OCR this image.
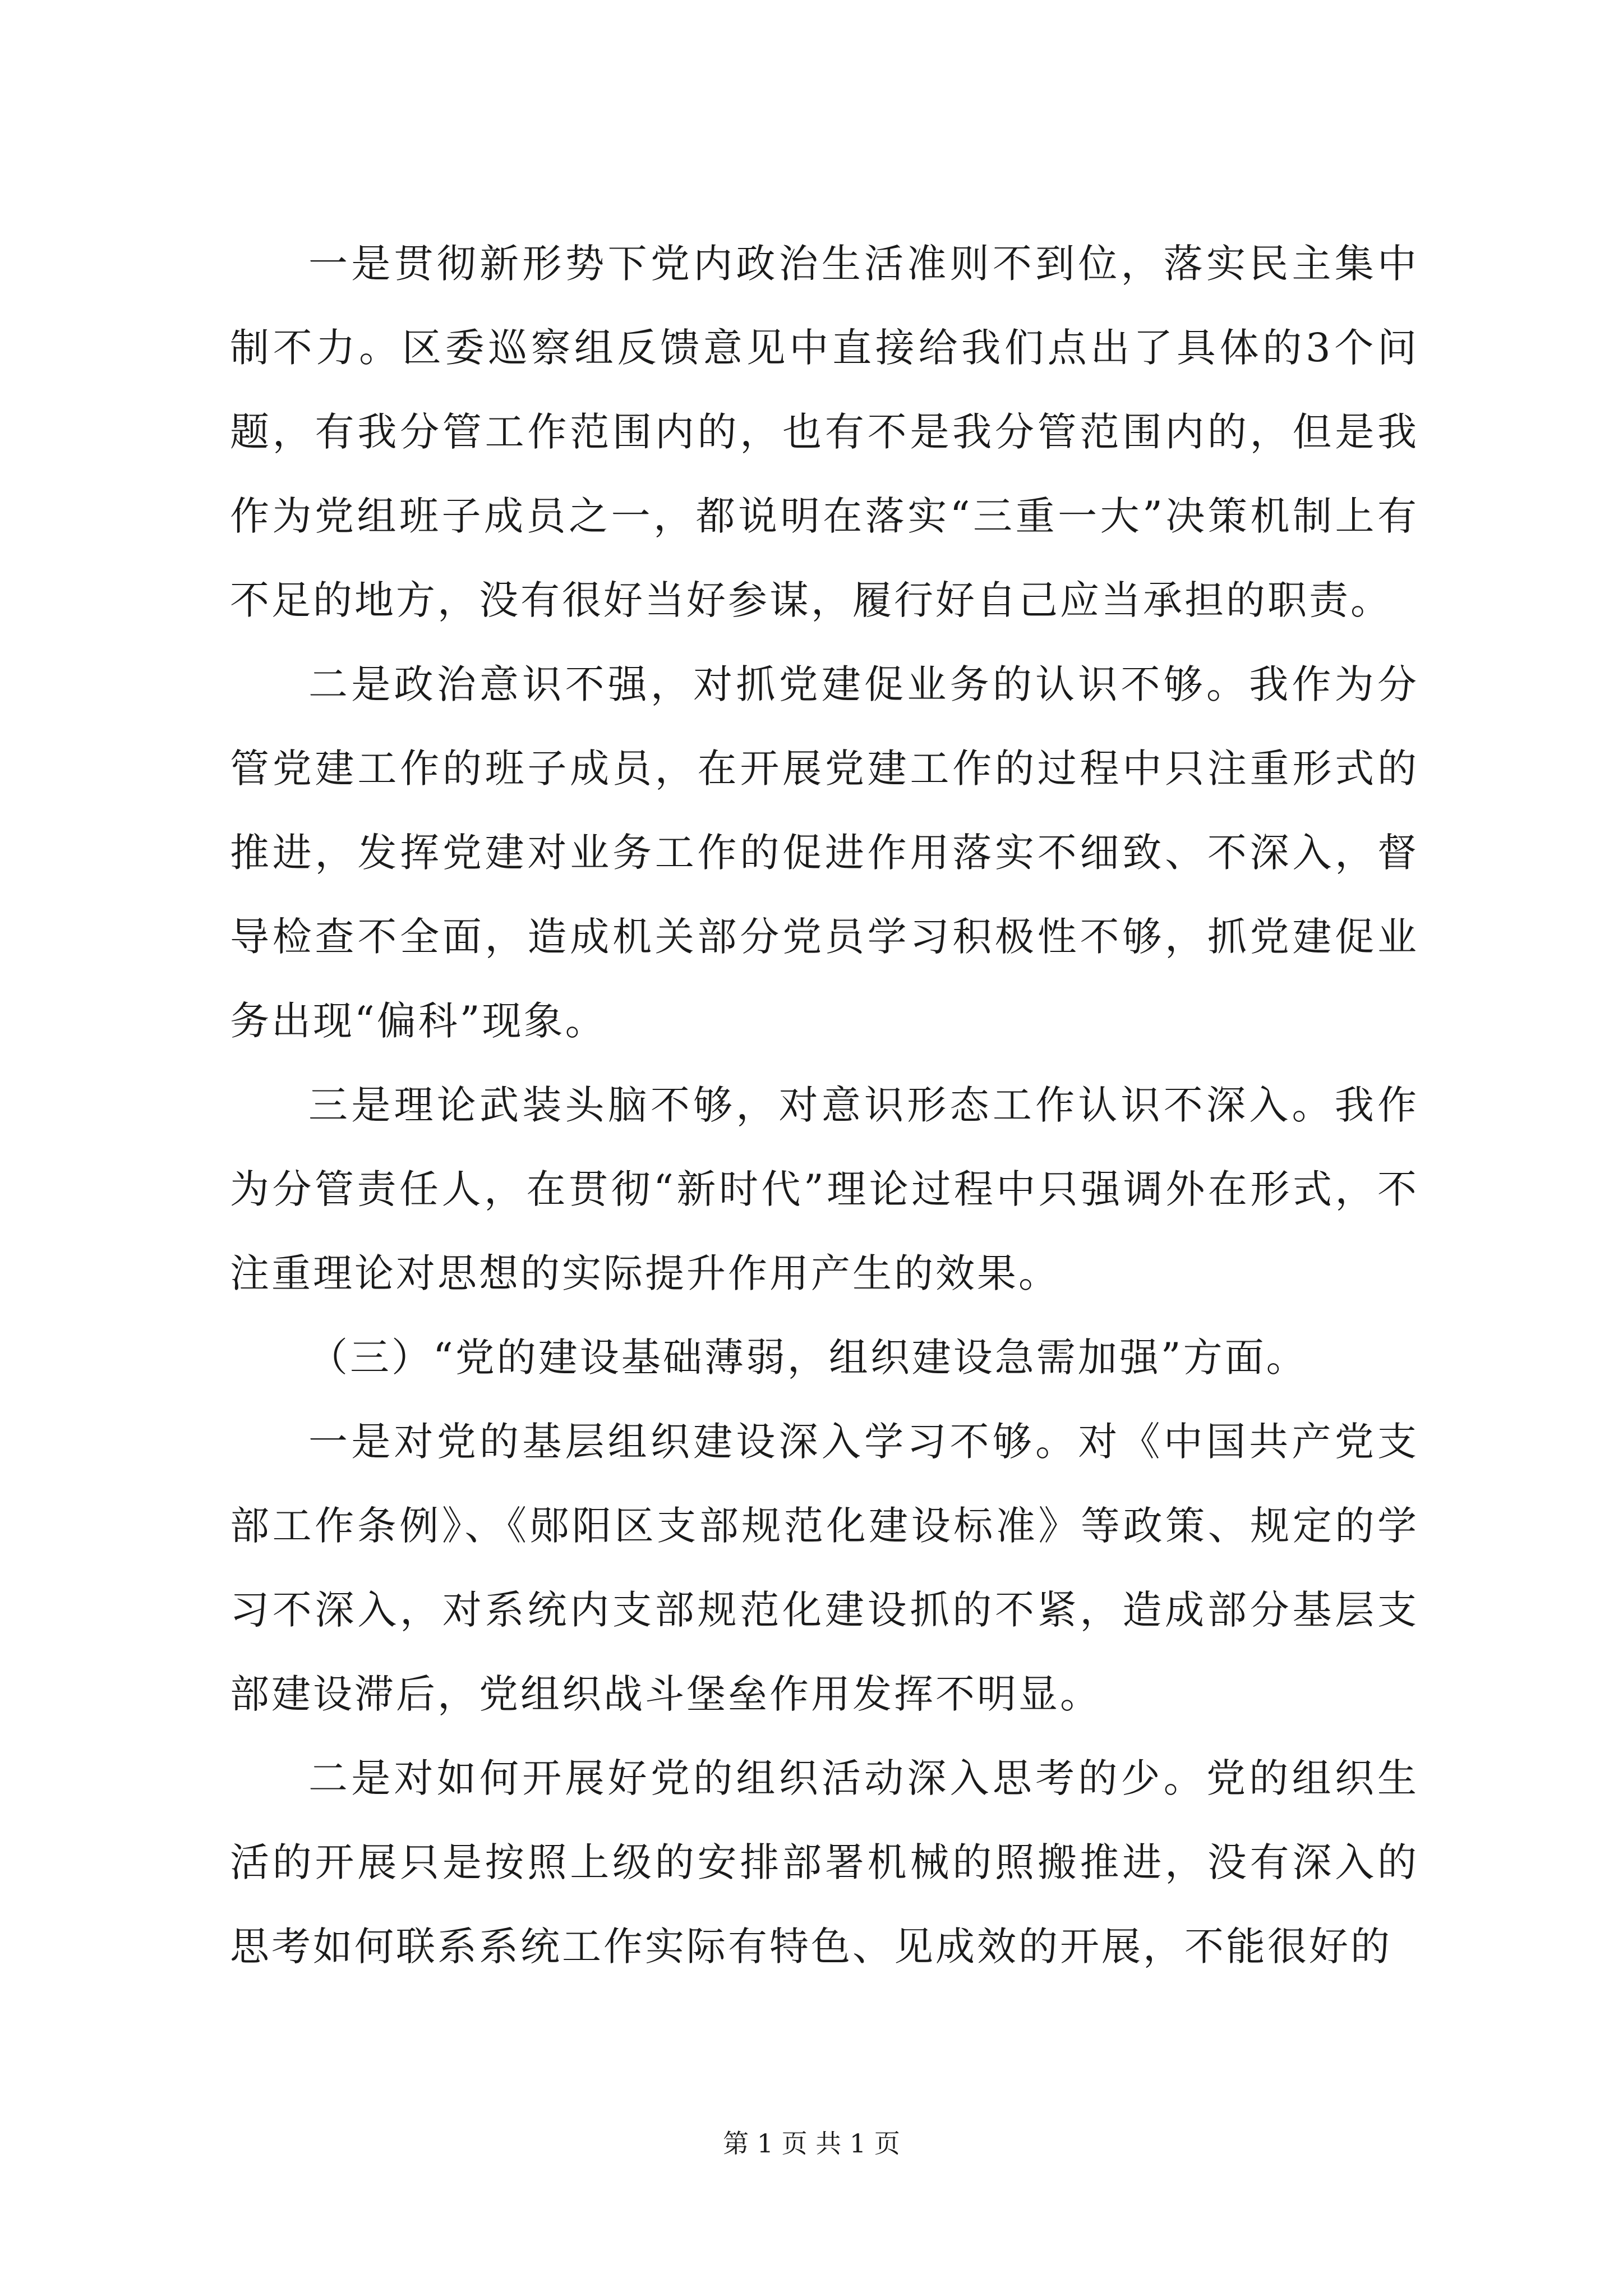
一是贯彻新形势下党内政治生活准则不到位，落实民主集中制不力。区委巡察组反馈意见中直接给我们点出了具体的3个问题，有我分管工作范围内的，也有不是我分管范围内的，但是我作为党组班子成员之一，都说明在落实“三重一大”决策机制上有不足的地方，没有很好当好参谋，履行好自己应当承担的职责。

二是政治意识不强，对抓党建促业务的认识不够。我作为分管党建工作的班子成员，在开展党建工作的过程中只注重形式的推进，发挥党建对业务工作的促进作用落实不细致、不深入，督导检查不全面，造成机关部分党员学习积极性不够，抓党建促业务出现“偏科”现象。

三是理论武装头脑不够，对意识形态工作认识不深入。我作为分管责任人，在贯彻“新时代”理论过程中只强调外在形式，不注重理论对思想的实际提升作用产生的效果。

（三）“党的建设基础薄弱，组织建设急需加强”方面。

一是对党的基层组织建设深入学习不够。对《中国共产党支部工作条例》、《郧阳区支部规范化建设标准》等政策、规定的学习不深入，对系统内支部规范化建设抓的不紧，造成部分基层支部建设滞后，党组织战斗堡垒作用发挥不明显。

二是对如何开展好党的组织活动深入思考的少。党的组织生活的开展只是按照上级的安排部署机械的照搬推进，没有深入的思考如何联系系统工作实际有特色、见成效的开展，不能很好的

第 1 页 共 1 页
